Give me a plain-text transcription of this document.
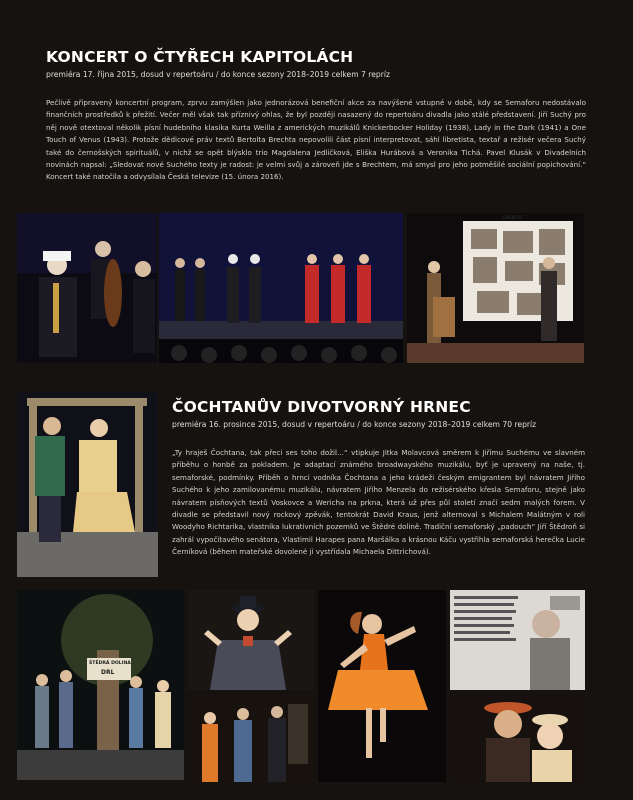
KONCERT O ČTYŘECH KAPITOLÁCH
premiéra 17. října 2015, dosud v repertoáru / do konce sezony 2018–2019 celkem 7 repríz

Pečlivě připravený koncertní program, zprvu zamýšlen jako jednorázová benefiční akce za navýšené vstupné v době, kdy se Semaforu nedostávalo finančních prostředků k přežití. Večer měl však tak příznivý ohlas, že byl později nasazený do repertoáru divadla jako stálé představení. Jiří Suchý pro něj nově otextoval několik písní hudebního klasika Kurta Weilla z amerických muzikálů Knickerbocker Holiday (1938), Lady in the Dark (1941) a One Touch of Venus (1943). Protože dědicové práv textů Bertolta Brechta nepovolili část písní interpretovat, sáhl libretista, textař a režisér večera Suchý také do černošských spirituálů, v nichž se opět blýsklo trio Magdalena Jedličková, Eliška Hurábová a Veronika Tichá. Pavel Klusák v Divadelních novinách napsal: „Sledovat nové Suchého texty je radost: je velmi svůj a zároveň jde s Brechtem, má smysl pro jeho potměšilé sociální popichování.“ Koncert také natočila a odvysílala Česká televize (15. února 2016).

GARRETS
ČOCHTANŮV DIVOTVORNÝ HRNEC
premiéra 16. prosince 2015, dosud v repertoáru / do konce sezony 2018–2019 celkem 70 repríz

„Ty hraješ Čochtana, tak přeci ses toho dožil…“ vtipkuje Jitka Molavcová směrem k Jiřímu Suchému ve slavném příběhu o honbě za pokladem. Je adaptací známého broadwayského muzikálu, byť je upravený na naše, tj. semaforské, podmínky. Příběh o hrnci vodníka Čochtana a jeho krádeži českým emigrantem byl návratem Jiřího Suchého k jeho zamilovanému muzikálu, návratem Jiřího Menzela do režisérského křesla Semaforu, stejně jako návratem písňových textů Voskovce a Wericha na prkna, která už přes půl století značí sedm malých forem. V divadle se představil nový rockový zpěvák, tentokrát David Kraus, jenž alternoval s Michalem Malátným v roli Woodyho Richtarika, vlastníka lukrativních pozemků ve Štědré dolině. Tradiční semaforský „padouch“ Jiří Štědroň si zahrál vypočítavého senátora, Vlastimil Harapes pana Maršálka a krásnou Káču vystřihla semaforská herečka Lucie Černíková (během mateřské dovolené ji vystřídala Michaela Dittrichová).

ŠTĚDRÁ DOLINA
DRL
